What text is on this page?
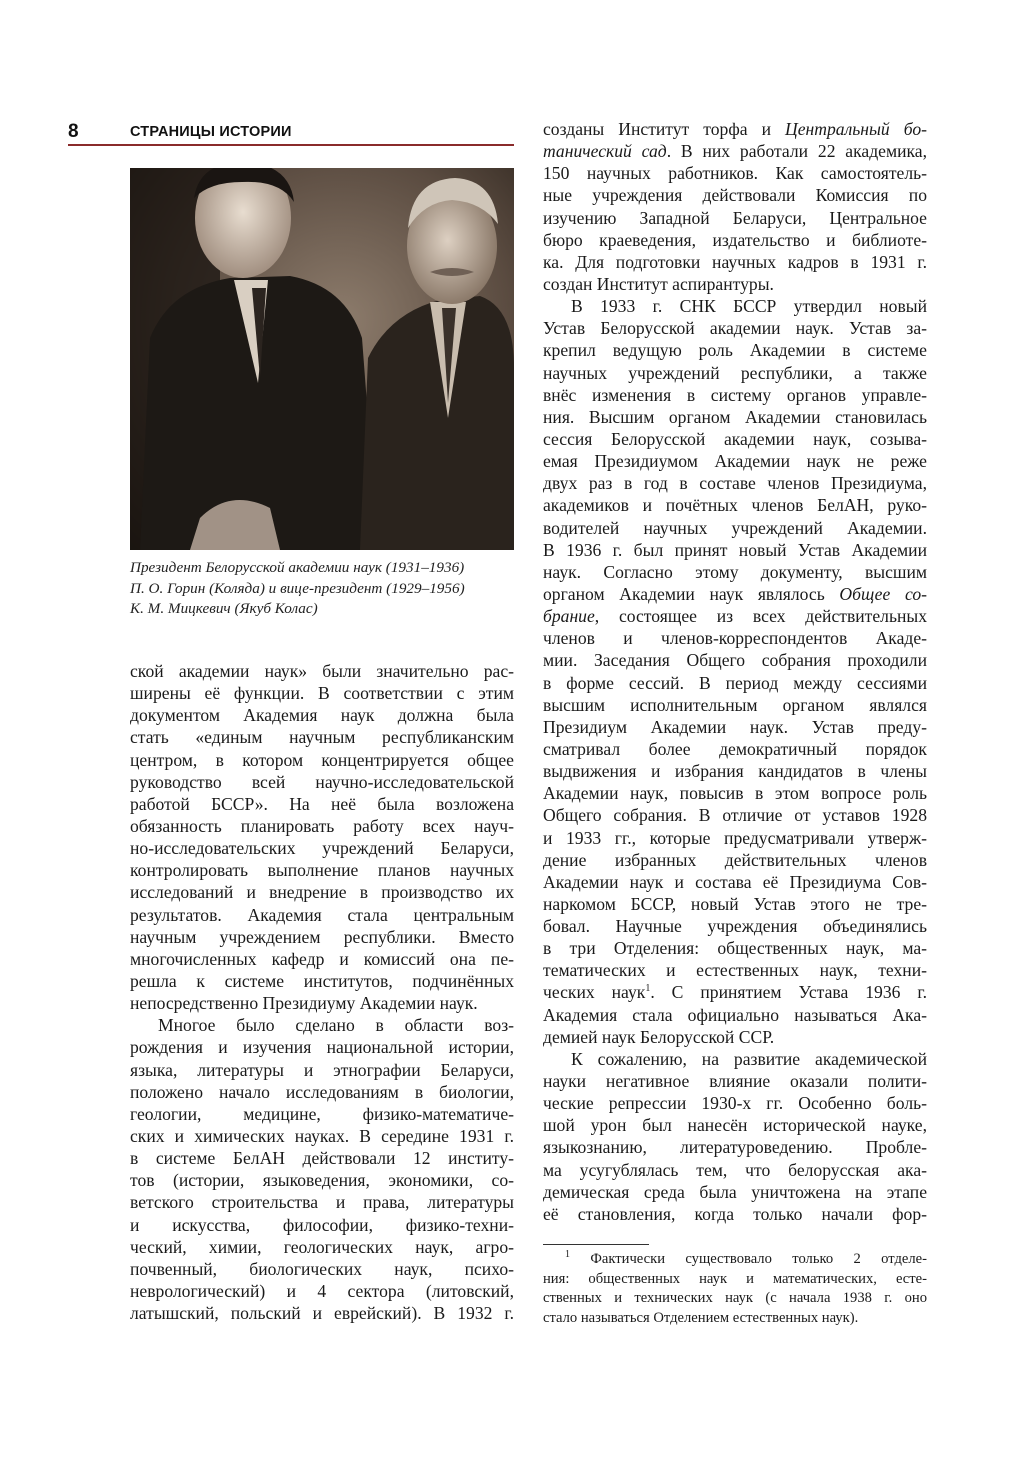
8	СТРАНИЦЫ ИСТОРИИ

Президент Белорусской академии наук (1931–1936)

П. О. Горин (Коляда) и вице-президент (1929–1956)

К. М. Мицкевич (Якуб Колас)

ской академии наук» были значительно рас-
ширены её функции. В соответствии с этим
документом Академия наук должна была
стать «единым научным республиканским
центром, в котором концентрируется общее
руководство всей научно-исследовательской
работой БССР». На неё была возложена
обязанность планировать работу всех науч-
но-исследовательских учреждений Беларуси,
контролировать выполнение планов научных
исследований и внедрение в производство их
результатов. Академия стала центральным
научным учреждением республики. Вместо
многочисленных кафедр и комиссий она пе-
решла к системе институтов, подчинённых
непосредственно Президиуму Академии наук.
Многое было сделано в области воз-
рождения и изучения национальной истории,
языка, литературы и этнографии Беларуси,
положено начало исследованиям в биологии,
геологии, медицине, физико-математиче-
ских и химических науках. В середине 1931 г.
в системе БелАН действовали 12 институ-
тов (истории, языковедения, экономики, со-
ветского строительства и права, литературы
и искусства, философии, физико-техни-
ческий, химии, геологических наук, агро-
почвенный, биологических наук, психо-
неврологический) и 4 сектора (литовский,
латышский, польский и еврейский). В 1932 г.
созданы Институт торфа и Центральный бо-
танический сад. В них работали 22 академика,
150 научных работников. Как самостоятель-
ные учреждения действовали Комиссия по
изучению Западной Беларуси, Центральное
бюро краеведения, издательство и библиоте-
ка. Для подготовки научных кадров в 1931 г.
создан Институт аспирантуры.
В 1933 г. СНК БССР утвердил новый
Устав Белорусской академии наук. Устав за-
крепил ведущую роль Академии в системе
научных учреждений республики, а также
внёс изменения в систему органов управле-
ния. Высшим органом Академии становилась
сессия Белорусской академии наук, созыва-
емая Президиумом Академии наук не реже
двух раз в год в составе членов Президиума,
академиков и почётных членов БелАН, руко-
водителей научных учреждений Академии.
В 1936 г. был принят новый Устав Академии
наук. Согласно этому документу, высшим
органом Академии наук являлось Общее со-
брание, состоящее из всех действительных
членов и членов-корреспондентов Акаде-
мии. Заседания Общего собрания проходили
в форме сессий. В период между сессиями
высшим исполнительным органом являлся
Президиум Академии наук. Устав преду-
сматривал более демократичный порядок
выдвижения и избрания кандидатов в члены
Академии наук, повысив в этом вопросе роль
Общего собрания. В отличие от уставов 1928
и 1933 гг., которые предусматривали утверж-
дение избранных действительных членов
Академии наук и состава её Президиума Сов-
наркомом БССР, новый Устав этого не тре-
бовал. Научные учреждения объединялись
в три Отделения: общественных наук, ма-
тематических и естественных наук, техни-
ческих наук$^1$. С принятием Устава 1936 г.
Академия стала официально называться Ака-
демией наук Белорусской ССР.
К сожалению, на развитие академической
науки негативное влияние оказали полити-
ческие репрессии 1930-х гг. Особенно боль-
шой урон был нанесён исторической науке,
языкознанию, литературоведению. Пробле-
ма усугублялась тем, что белорусская ака-
демическая среда была уничтожена на этапе
её становления, когда только начали фор-
$^1$ Фактически существовало только 2 отделе-
ния: общественных наук и математических, есте-
ственных и технических наук (с начала 1938 г. оно
стало называться Отделением естественных наук).
